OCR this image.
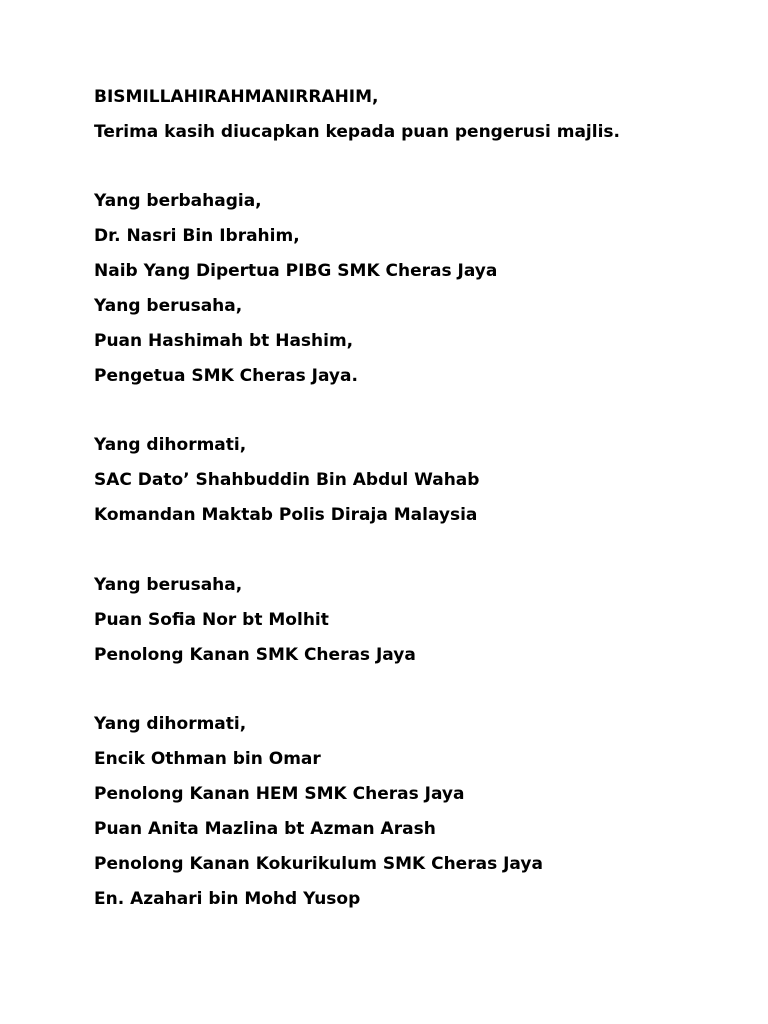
BISMILLAHIRAHMANIRRAHIM,

Terima kasih diucapkan kepada puan pengerusi majlis.

Yang berbahagia,

Dr. Nasri Bin Ibrahim,

Naib Yang Dipertua PIBG SMK Cheras Jaya

Yang berusaha,

Puan Hashimah bt Hashim,

Pengetua SMK Cheras Jaya.

Yang dihormati,

SAC Dato’ Shahbuddin Bin Abdul Wahab

Komandan Maktab Polis Diraja Malaysia

Yang berusaha,

Puan Sofia Nor bt Molhit

Penolong Kanan SMK Cheras Jaya

Yang dihormati,

Encik Othman bin Omar

Penolong Kanan HEM SMK Cheras Jaya

Puan Anita Mazlina bt Azman Arash

Penolong Kanan Kokurikulum SMK Cheras Jaya

En. Azahari bin Mohd Yusop
